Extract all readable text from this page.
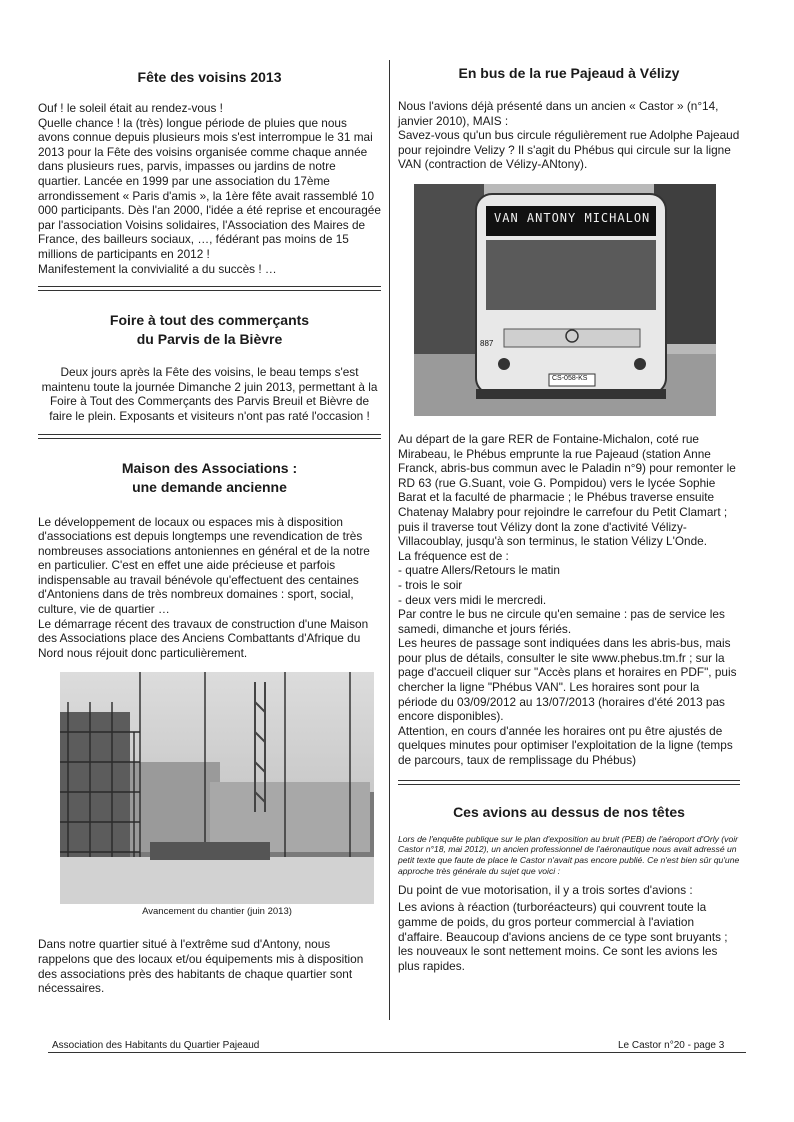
Fête des voisins 2013

Ouf ! le soleil était au rendez-vous !

Quelle chance ! la (très) longue période de pluies que nous avons connue depuis plusieurs mois s'est interrompue le 31 mai 2013 pour la Fête des voisins organisée comme chaque année dans plusieurs rues, parvis, impasses ou jardins de notre quartier. Lancée en 1999 par une association du 17ème arrondissement « Paris d'amis », la 1ère fête avait rassemblé 10 000 participants. Dès l'an 2000, l'idée a été reprise et encouragée par l'association Voisins solidaires, l'Association des Maires de France, des bailleurs sociaux, …, fédérant pas moins de 15 millions de participants en 2012 !

Manifestement la convivialité a du succès ! …

Foire à tout des commerçants
du Parvis de la Bièvre

Deux jours après la Fête des voisins, le beau temps s'est maintenu toute la journée Dimanche 2 juin 2013, permettant à la Foire à Tout des Commerçants des Parvis Breuil et Bièvre de faire le plein. Exposants et visiteurs n'ont pas raté l'occasion !

Maison des Associations :
une demande ancienne

Le développement de locaux ou espaces mis à disposition d'associations est depuis longtemps une revendication de très nombreuses associations antoniennes en général et de la notre en particulier. C'est en effet une aide précieuse et parfois indispensable au travail bénévole qu'effectuent des centaines d'Antoniens dans de très nombreux domaines : sport, social, culture, vie de quartier …

Le démarrage récent des travaux de construction d'une Maison des Associations place des Anciens Combattants d'Afrique du Nord nous réjouit donc particulièrement.

Avancement du chantier (juin 2013)

Dans notre quartier situé à l'extrême sud d'Antony, nous rappelons que des locaux et/ou équipements mis à disposition des associations près des habitants de chaque quartier sont nécessaires.

En bus de la rue Pajeaud à Vélizy

Nous l'avions déjà présenté dans un ancien « Castor » (n°14, janvier 2010), MAIS :

Savez-vous qu'un bus circule régulièrement rue Adolphe Pajeaud pour rejoindre Velizy ? Il s'agit du Phébus qui circule sur la ligne VAN (contraction de Vélizy-ANtony).

VAN ANTONY MICHALON
887
CS-058-KS

Au départ de la gare RER de Fontaine-Michalon, coté rue Mirabeau, le Phébus emprunte la rue Pajeaud (station Anne Franck, abris-bus commun avec le Paladin n°9) pour remonter le RD 63 (rue G.Suant, voie G. Pompidou) vers le lycée Sophie Barat et la faculté de pharmacie ; le Phébus traverse ensuite Chatenay Malabry pour rejoindre le carrefour du Petit Clamart ; puis il traverse tout Vélizy dont la zone d'activité Vélizy-Villacoublay, jusqu'à son terminus, le station Vélizy L'Onde.

La fréquence est de :

- quatre Allers/Retours le matin
- trois le soir
- deux vers midi le mercredi.

Par contre le bus ne circule qu'en semaine : pas de service les samedi, dimanche et jours fériés.

Les heures de passage sont indiquées dans les abris-bus, mais pour plus de détails, consulter le site www.phebus.tm.fr ; sur la page d'accueil cliquer sur "Accès plans et horaires en PDF", puis chercher la ligne "Phébus VAN". Les horaires sont pour la période du 03/09/2012 au 13/07/2013 (horaires d'été 2013 pas encore disponibles).

Attention, en cours d'année les horaires ont pu être ajustés de quelques minutes pour optimiser l'exploitation de la ligne (temps de parcours, taux de remplissage du Phébus)

Ces avions au dessus de nos têtes

Lors de l'enquête publique sur le plan d'exposition au bruit (PEB) de l'aéroport d'Orly (voir Castor n°18, mai 2012), un ancien professionnel de l'aéronautique nous avait adressé un petit texte que faute de place le Castor n'avait pas encore publié. Ce n'est bien sûr qu'une approche très générale du sujet que voici :

Du point de vue motorisation, il y a trois sortes d'avions :

Les avions à réaction (turboréacteurs) qui couvrent toute la gamme de poids, du gros porteur commercial à l'aviation d'affaire. Beaucoup d'avions anciens de ce type sont bruyants ; les nouveaux le sont nettement moins. Ce sont les avions les plus rapides.

Association des Habitants du Quartier Pajeaud	Le Castor n°20 - page 3
